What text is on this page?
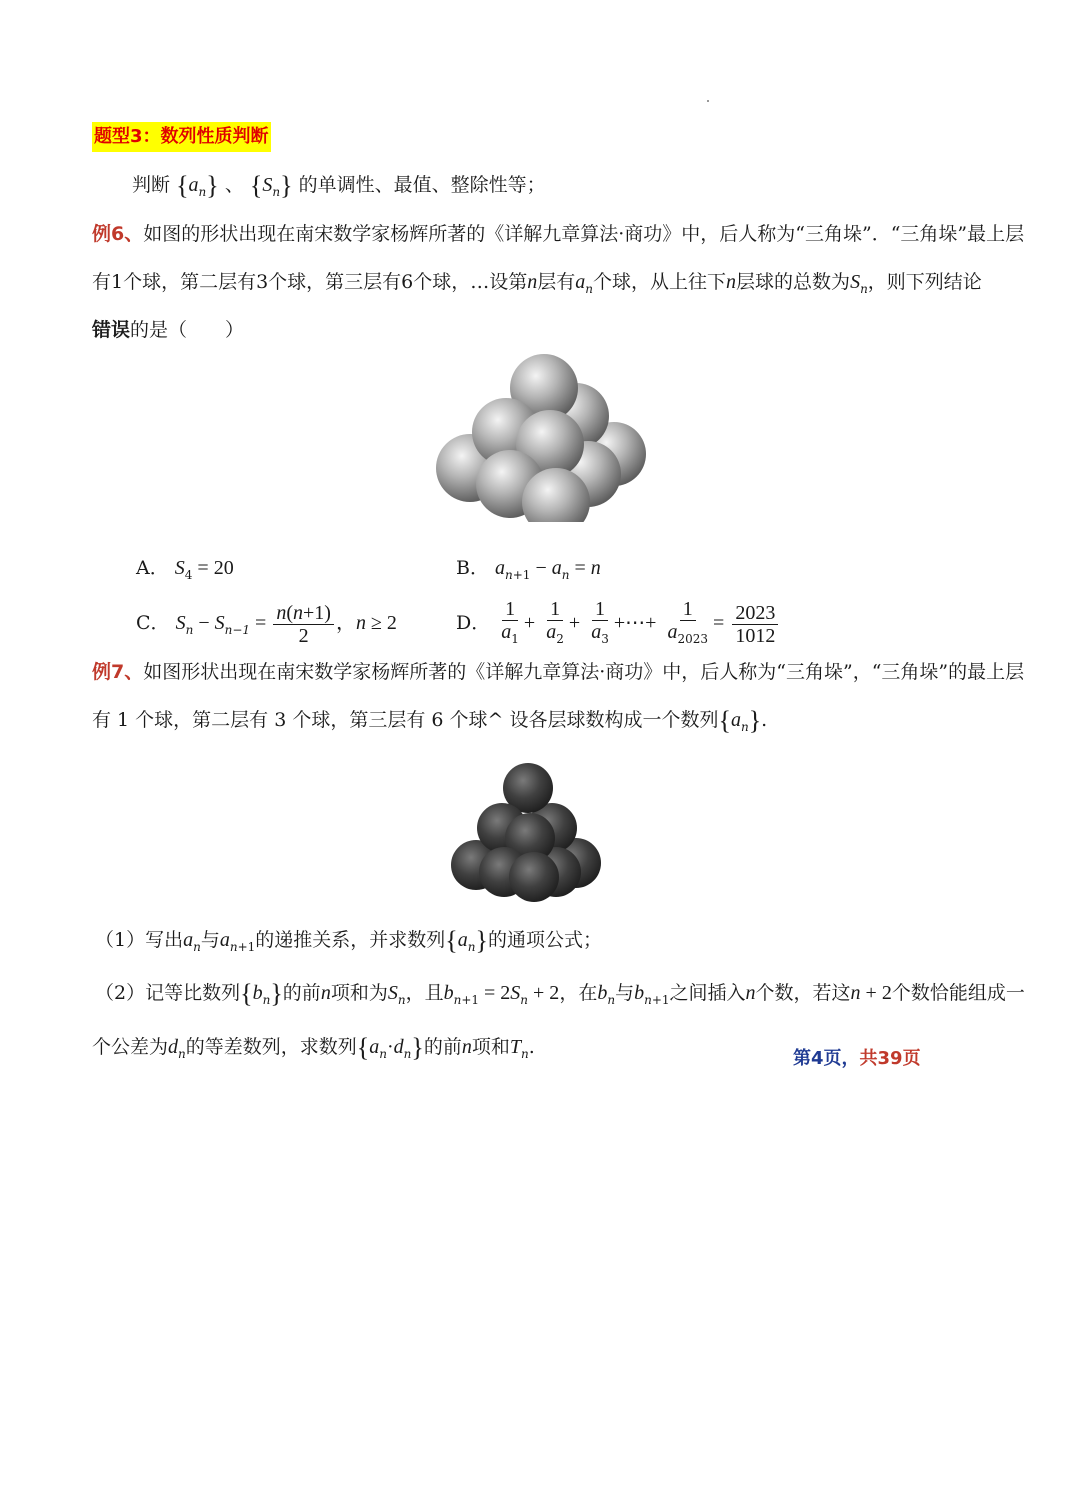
题型3：数列性质判断
判断 $\{a_n\}$ 、 $\{S_n\}$ 的单调性、最值、整除性等；
例6、如图的形状出现在南宋数学家杨辉所著的《详解九章算法·商功》中，后人称为“三角垛”．“三角垛”最上层
有1个球，第二层有3个球，第三层有6个球，…设第n层有$a_n$个球，从上往下n层球的总数为$S_n$，则下列结论
错误的是（　　）
A． $S_4 = 20$	B． $a_{n+1} - a_n = n$
C． $S_n - S_{n-1} = \frac{n(n+1)}{2}$ ，n ≥ 2	D． $\frac{1}{a_1} + \frac{1}{a_2} + \frac{1}{a_3}$ +⋯+ $\frac{1}{a_{2023}} = \frac{2023}{1012}$
例7、如图形状出现在南宋数学家杨辉所著的《详解九章算法·商功》中，后人称为“三角垛”，“三角垛”的最上层
有 1 个球，第二层有 3 个球，第三层有 6 个球^ 设各层球数构成一个数列$\{a_n\}$.
（1）写出$a_n$与$a_{n+1}$的递推关系，并求数列$\{a_n\}$的通项公式；
（2）记等比数列$\{b_n\}$的前n项和为$S_n$，且$b_{n+1} = 2S_n + 2$，在$b_n$与$b_{n+1}$之间插入n个数，若这n + 2个数恰能组成一
个公差为$d_n$的等差数列，求数列$\{a_n\cdot d_n\}$的前n项和$T_n$.
第4页，共39页
